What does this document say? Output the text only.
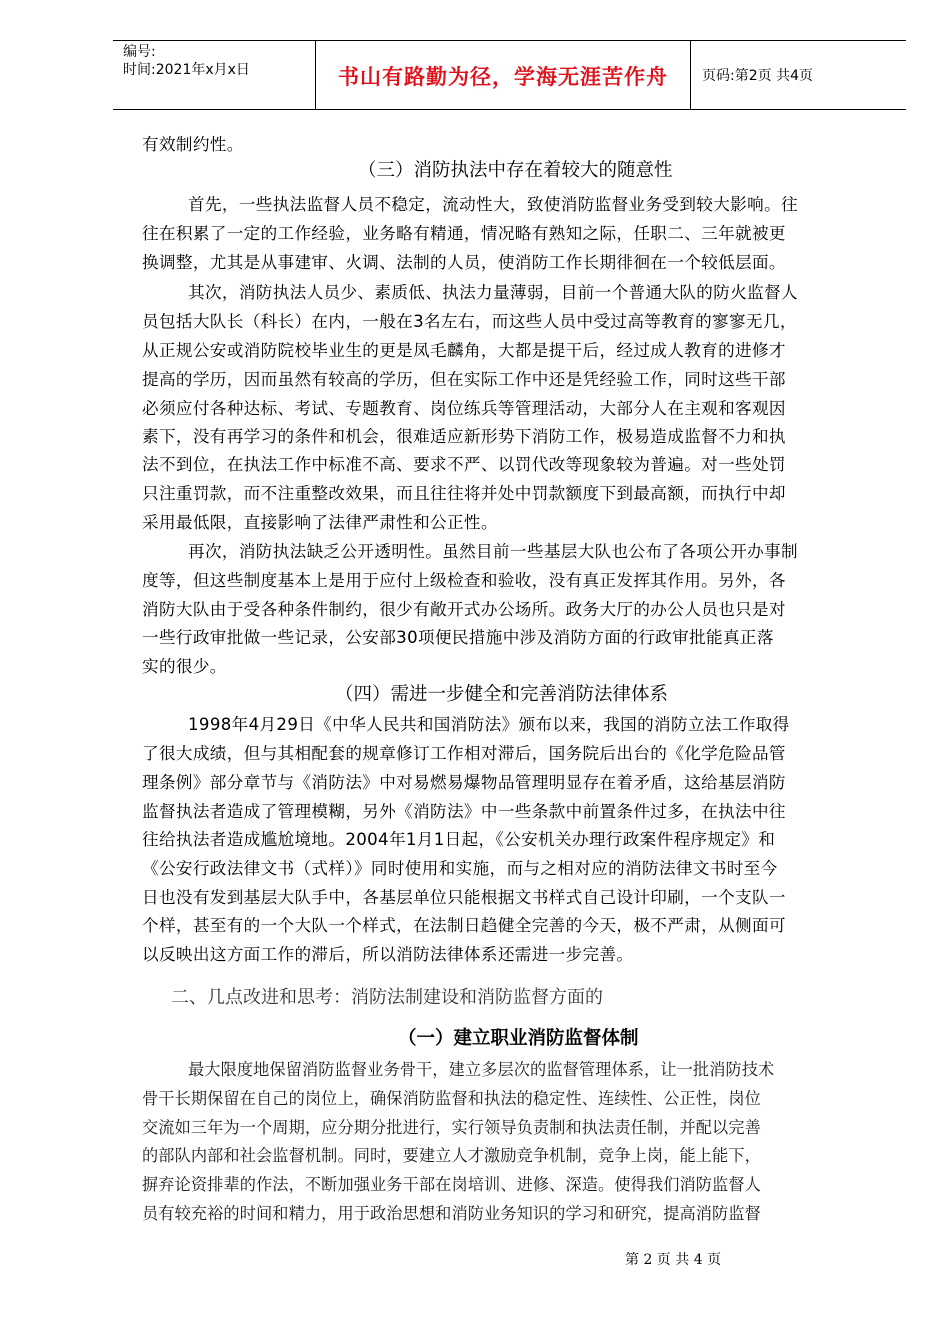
编号:
时间:2021年x月x日	书山有路勤为径，学海无涯苦作舟	页码:第2页 共4页
有效制约性。
（三）消防执法中存在着较大的随意性
首先，一些执法监督人员不稳定，流动性大，致使消防监督业务受到较大影响。往
往在积累了一定的工作经验，业务略有精通，情况略有熟知之际，任职二、三年就被更
换调整，尤其是从事建审、火调、法制的人员，使消防工作长期徘徊在一个较低层面。
其次，消防执法人员少、素质低、执法力量薄弱，目前一个普通大队的防火监督人
员包括大队长（科长）在内，一般在3名左右，而这些人员中受过高等教育的寥寥无几，
从正规公安或消防院校毕业生的更是凤毛麟角，大都是提干后，经过成人教育的进修才
提高的学历，因而虽然有较高的学历，但在实际工作中还是凭经验工作，同时这些干部
必须应付各种达标、考试、专题教育、岗位练兵等管理活动，大部分人在主观和客观因
素下，没有再学习的条件和机会，很难适应新形势下消防工作，极易造成监督不力和执
法不到位，在执法工作中标准不高、要求不严、以罚代改等现象较为普遍。对一些处罚
只注重罚款，而不注重整改效果，而且往往将并处中罚款额度下到最高额，而执行中却
采用最低限，直接影响了法律严肃性和公正性。
再次，消防执法缺乏公开透明性。虽然目前一些基层大队也公布了各项公开办事制
度等，但这些制度基本上是用于应付上级检查和验收，没有真正发挥其作用。另外，各
消防大队由于受各种条件制约，很少有敞开式办公场所。政务大厅的办公人员也只是对
一些行政审批做一些记录，公安部30项便民措施中涉及消防方面的行政审批能真正落
实的很少。
（四）需进一步健全和完善消防法律体系
1998年4月29日《中华人民共和国消防法》颁布以来，我国的消防立法工作取得
了很大成绩，但与其相配套的规章修订工作相对滞后，国务院后出台的《化学危险品管
理条例》部分章节与《消防法》中对易燃易爆物品管理明显存在着矛盾，这给基层消防
监督执法者造成了管理模糊，另外《消防法》中一些条款中前置条件过多，在执法中往
往给执法者造成尴尬境地。2004年1月1日起，《公安机关办理行政案件程序规定》和
《公安行政法律文书（式样）》同时使用和实施，而与之相对应的消防法律文书时至今
日也没有发到基层大队手中，各基层单位只能根据文书样式自己设计印刷，一个支队一
个样，甚至有的一个大队一个样式，在法制日趋健全完善的今天，极不严肃，从侧面可
以反映出这方面工作的滞后，所以消防法律体系还需进一步完善。
二、几点改进和思考：消防法制建设和消防监督方面的
（一）建立职业消防监督体制
最大限度地保留消防监督业务骨干，建立多层次的监督管理体系，让一批消防技术
骨干长期保留在自己的岗位上，确保消防监督和执法的稳定性、连续性、公正性，岗位
交流如三年为一个周期，应分期分批进行，实行领导负责制和执法责任制，并配以完善
的部队内部和社会监督机制。同时，要建立人才激励竞争机制，竞争上岗，能上能下，
摒弃论资排辈的作法，不断加强业务干部在岗培训、进修、深造。使得我们消防监督人
员有较充裕的时间和精力，用于政治思想和消防业务知识的学习和研究，提高消防监督
第 2 页 共 4 页
